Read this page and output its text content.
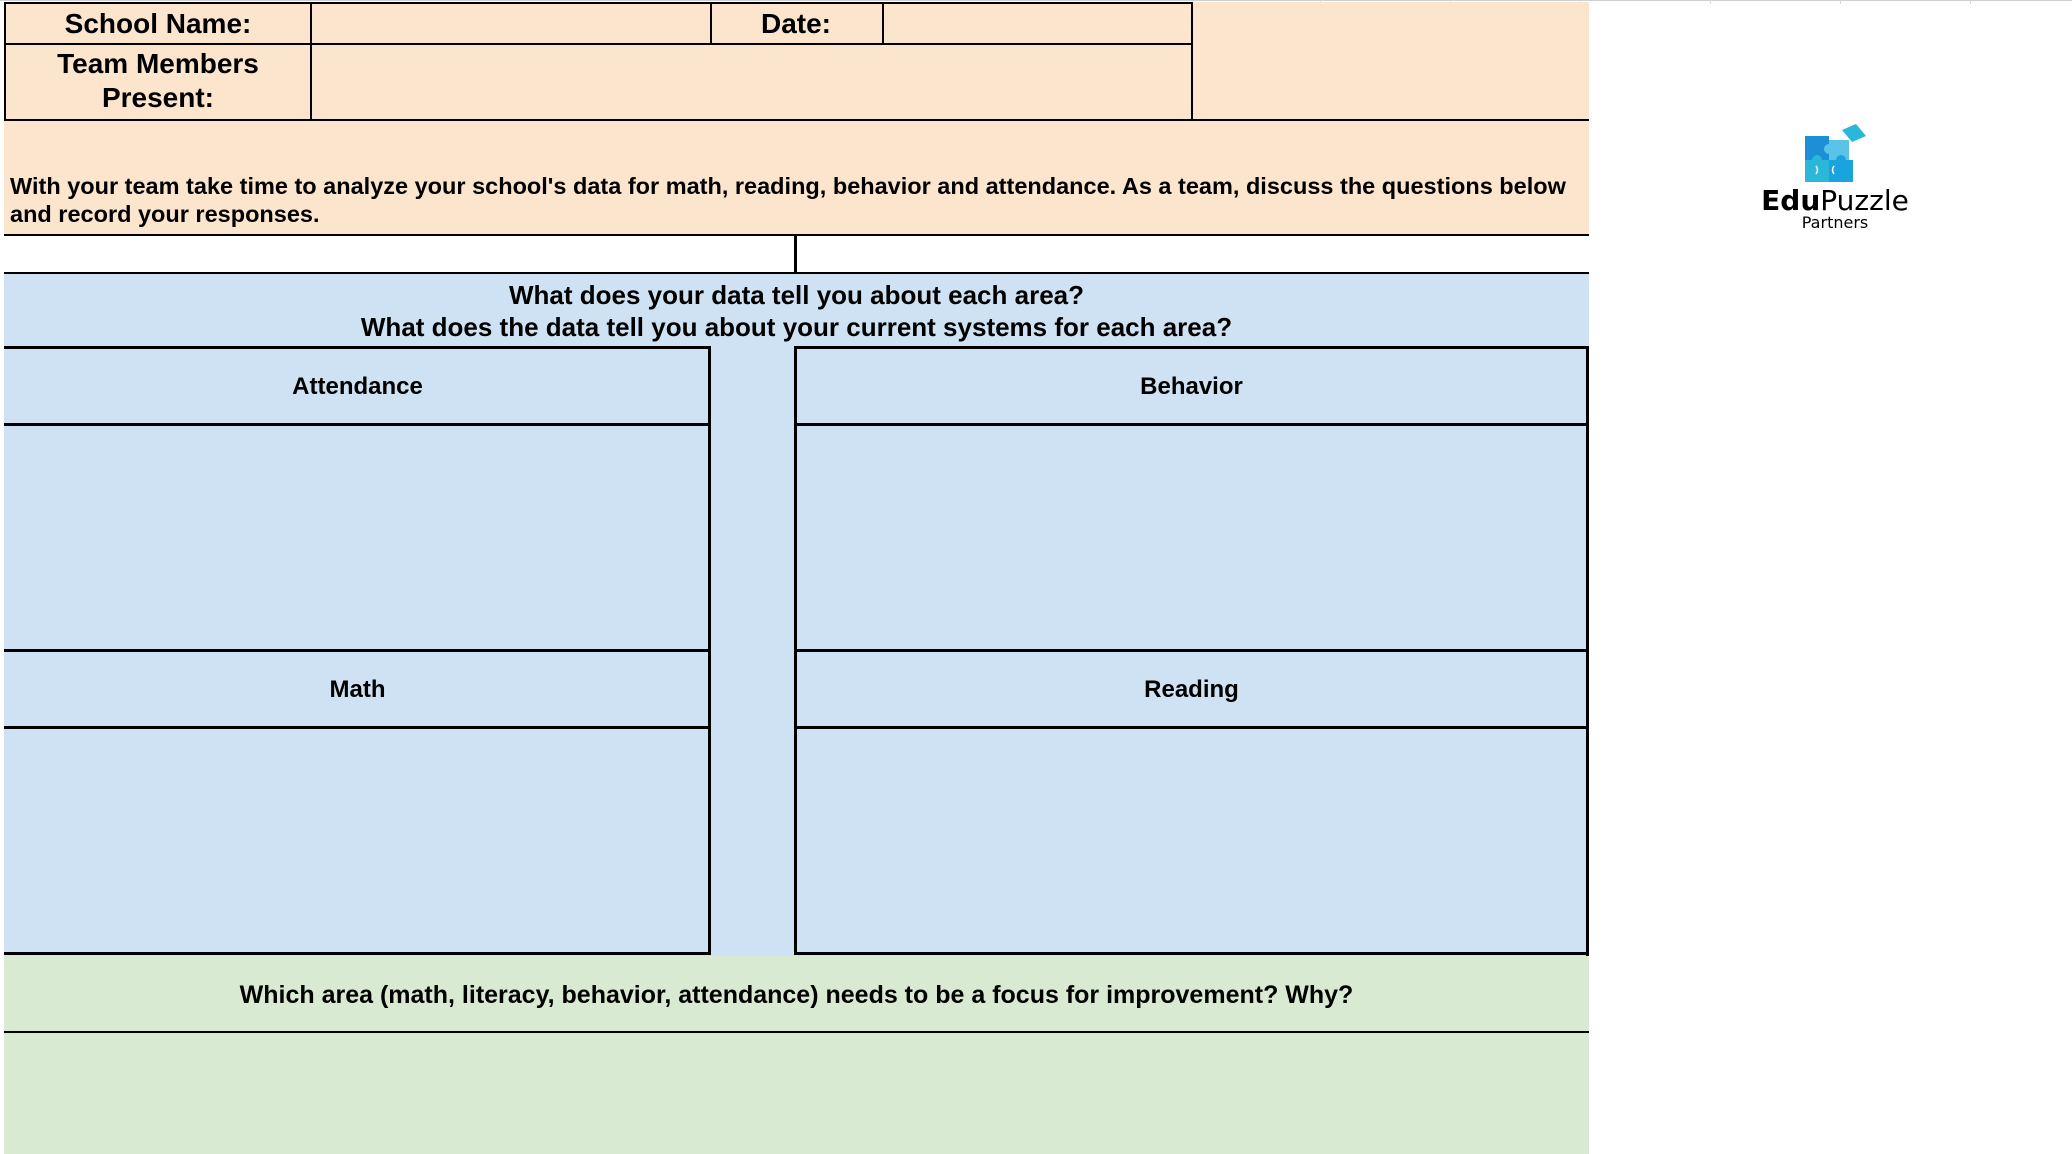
School Name:	Date:
Team Members
Present:
With your team take time to analyze your school's data for math, reading, behavior and attendance. As a team, discuss the questions below and record your responses.
What does your data tell you about each area?
What does the data tell you about your current systems for each area?
Attendance
Math
Behavior
Reading
Which area (math, literacy, behavior, attendance) needs to be a focus for improvement? Why?
EduPuzzle
Partners
